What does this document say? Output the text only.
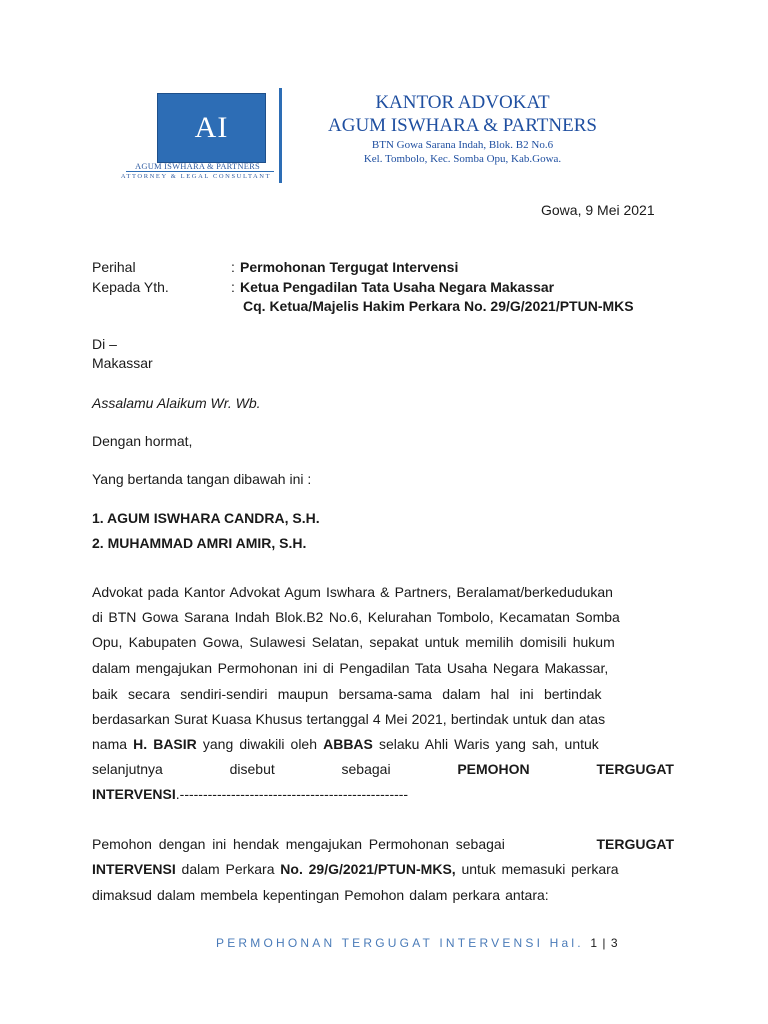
AI
AGUM ISWHARA & PARTNERS
ATTORNEY & LEGAL CONSULTANT
KANTOR ADVOKAT
AGUM ISWHARA & PARTNERS
BTN Gowa Sarana Indah, Blok. B2 No.6
Kel. Tombolo, Kec. Somba Opu, Kab.Gowa.
Gowa, 9 Mei 2021
Perihal	: Permohonan Tergugat Intervensi
Kepada Yth.	: Ketua Pengadilan Tata Usaha Negara Makassar
Cq. Ketua/Majelis Hakim Perkara No. 29/G/2021/PTUN-MKS
Di –
Makassar
Assalamu Alaikum Wr. Wb.
Dengan hormat,
Yang bertanda tangan dibawah ini :
1. AGUM ISWHARA CANDRA, S.H.
2. MUHAMMAD AMRI AMIR, S.H.
Advokat pada Kantor Advokat Agum Iswhara & Partners, Beralamat/berkedudukan
di BTN Gowa Sarana Indah Blok.B2 No.6, Kelurahan Tombolo, Kecamatan Somba
Opu, Kabupaten Gowa, Sulawesi Selatan, sepakat untuk memilih domisili hukum
dalam mengajukan Permohonan ini di Pengadilan Tata Usaha Negara Makassar,
baik secara sendiri-sendiri maupun bersama-sama dalam hal ini bertindak
berdasarkan Surat Kuasa Khusus tertanggal 4 Mei 2021, bertindak untuk dan atas
nama H. BASIR yang diwakili oleh ABBAS selaku Ahli Waris yang sah, untuk
selanjutnya	disebut	sebagai	PEMOHON	TERGUGAT
INTERVENSI .-------------------------------------------------
Pemohon dengan ini hendak mengajukan Permohonan sebagai	TERGUGAT
INTERVENSI dalam Perkara No. 29/G/2021/PTUN-MKS, untuk memasuki perkara
dimaksud dalam membela kepentingan Pemohon dalam perkara antara:
PERMOHONAN TERGUGAT INTERVENSI Hal. 1 | 3
